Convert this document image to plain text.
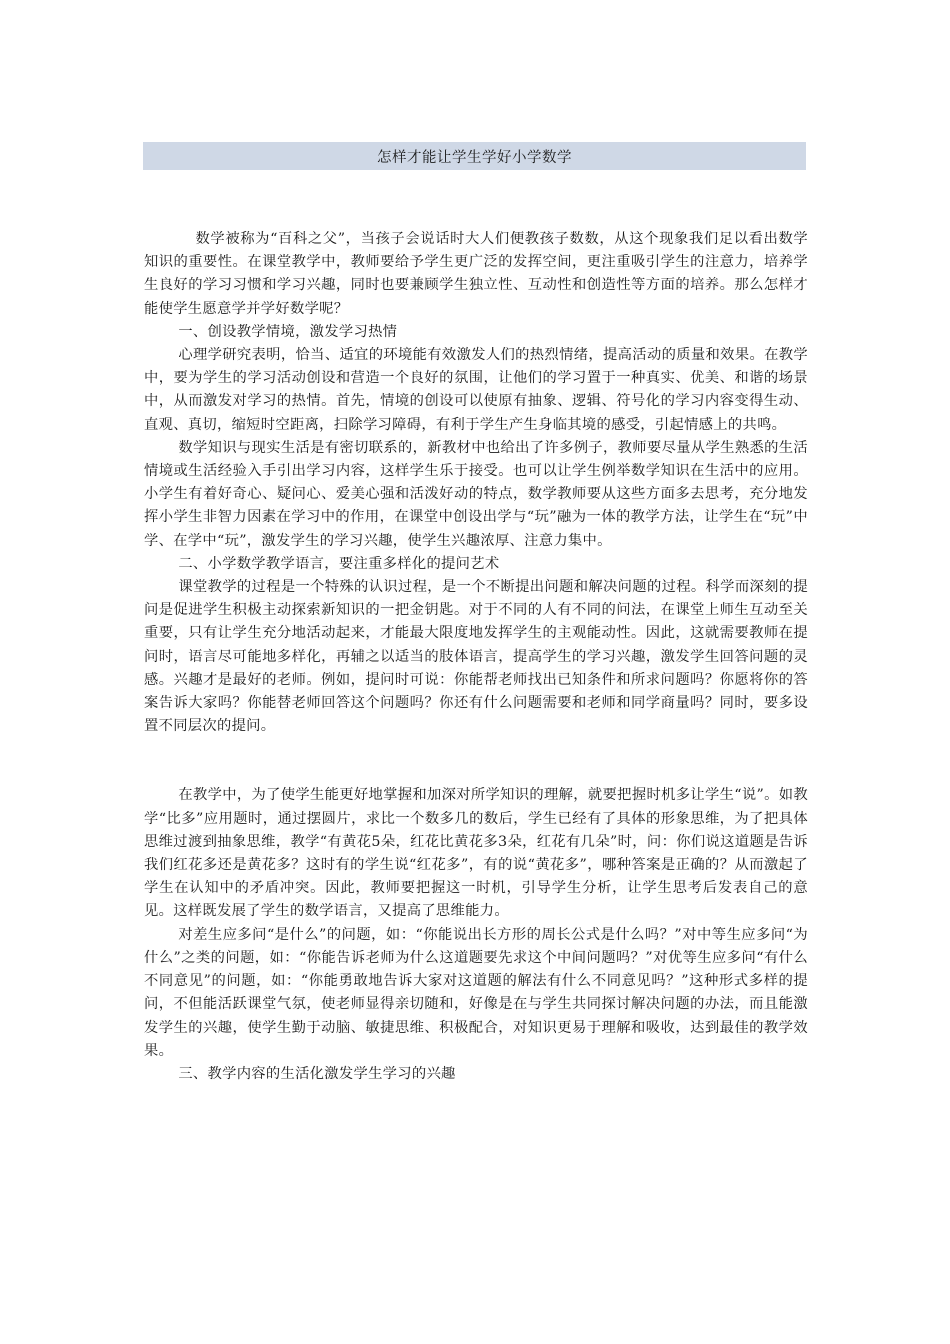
怎样才能让学生学好小学数学

数学被称为“百科之父”，当孩子会说话时大人们便教孩子数数，从这个现象我们足以看出数学知识的重要性。在课堂教学中，教师要给予学生更广泛的发挥空间，更注重吸引学生的注意力，培养学生良好的学习习惯和学习兴趣，同时也要兼顾学生独立性、互动性和创造性等方面的培养。那么怎样才能使学生愿意学并学好数学呢？

一、创设教学情境，激发学习热情

心理学研究表明，恰当、适宜的环境能有效激发人们的热烈情绪，提高活动的质量和效果。在教学中，要为学生的学习活动创设和营造一个良好的氛围，让他们的学习置于一种真实、优美、和谐的场景中，从而激发对学习的热情。首先，情境的创设可以使原有抽象、逻辑、符号化的学习内容变得生动、直观、真切，缩短时空距离，扫除学习障碍，有利于学生产生身临其境的感受，引起情感上的共鸣。

数学知识与现实生活是有密切联系的，新教材中也给出了许多例子，教师要尽量从学生熟悉的生活情境或生活经验入手引出学习内容，这样学生乐于接受。也可以让学生例举数学知识在生活中的应用。小学生有着好奇心、疑问心、爱美心强和活泼好动的特点，数学教师要从这些方面多去思考，充分地发挥小学生非智力因素在学习中的作用，在课堂中创设出学与“玩”融为一体的教学方法，让学生在“玩”中学、在学中“玩”，激发学生的学习兴趣，使学生兴趣浓厚、注意力集中。

二、小学数学教学语言，要注重多样化的提问艺术

课堂教学的过程是一个特殊的认识过程，是一个不断提出问题和解决问题的过程。科学而深刻的提问是促进学生积极主动探索新知识的一把金钥匙。对于不同的人有不同的问法，在课堂上师生互动至关重要，只有让学生充分地活动起来，才能最大限度地发挥学生的主观能动性。因此，这就需要教师在提问时，语言尽可能地多样化，再辅之以适当的肢体语言，提高学生的学习兴趣，激发学生回答问题的灵感。兴趣才是最好的老师。例如，提问时可说：你能帮老师找出已知条件和所求问题吗？你愿将你的答案告诉大家吗？你能替老师回答这个问题吗？你还有什么问题需要和老师和同学商量吗？同时，要多设置不同层次的提问。

在教学中，为了使学生能更好地掌握和加深对所学知识的理解，就要把握时机多让学生“说”。如教学“比多”应用题时，通过摆圆片，求比一个数多几的数后，学生已经有了具体的形象思维，为了把具体思维过渡到抽象思维，教学“有黄花5朵，红花比黄花多3朵，红花有几朵”时，问：你们说这道题是告诉我们红花多还是黄花多？这时有的学生说“红花多”，有的说“黄花多”，哪种答案是正确的？从而激起了学生在认知中的矛盾冲突。因此，教师要把握这一时机，引导学生分析，让学生思考后发表自己的意见。这样既发展了学生的数学语言，又提高了思维能力。

对差生应多问“是什么”的问题，如：“你能说出长方形的周长公式是什么吗？”对中等生应多问“为什么”之类的问题，如：“你能告诉老师为什么这道题要先求这个中间问题吗？”对优等生应多问“有什么不同意见”的问题，如：“你能勇敢地告诉大家对这道题的解法有什么不同意见吗？”这种形式多样的提问，不但能活跃课堂气氛，使老师显得亲切随和，好像是在与学生共同探讨解决问题的办法，而且能激发学生的兴趣，使学生勤于动脑、敏捷思维、积极配合，对知识更易于理解和吸收，达到最佳的教学效果。

三、教学内容的生活化激发学生学习的兴趣
